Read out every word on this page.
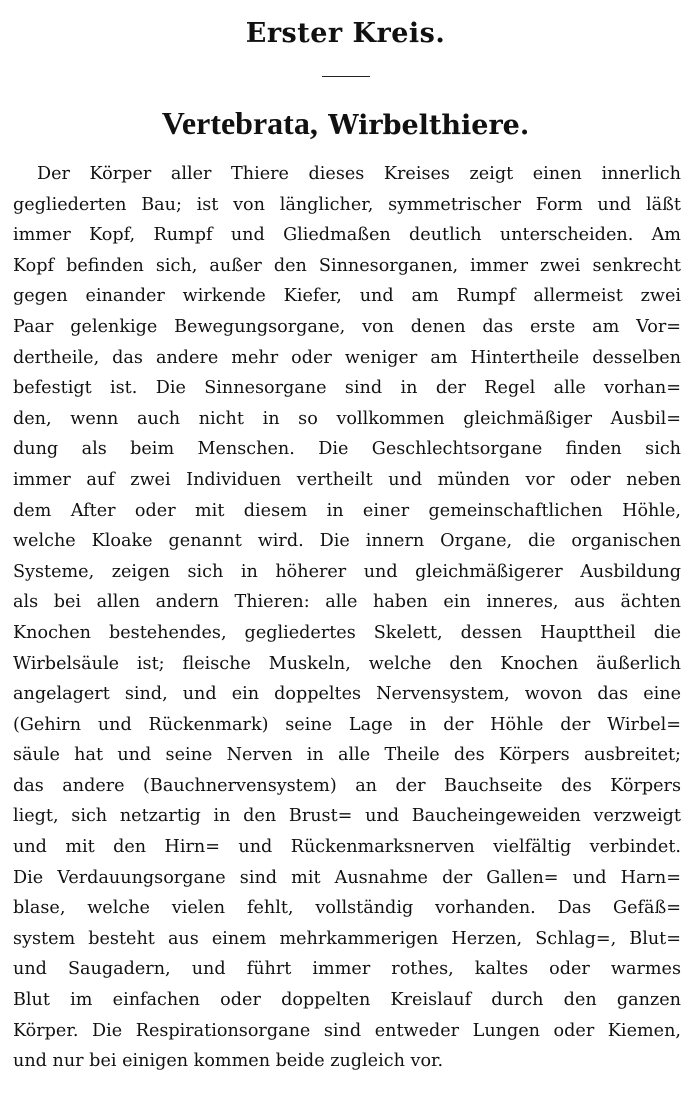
Erster Kreis.
Vertebrata, Wirbelthiere.
Der Körper aller Thiere dieses Kreises zeigt einen innerlich
gegliederten Bau; ist von länglicher, symmetrischer Form und läßt
immer Kopf, Rumpf und Gliedmaßen deutlich unterscheiden. Am
Kopf befinden sich, außer den Sinnesorganen, immer zwei senkrecht
gegen einander wirkende Kiefer, und am Rumpf allermeist zwei
Paar gelenkige Bewegungsorgane, von denen das erste am Vor=
dertheile, das andere mehr oder weniger am Hintertheile desselben
befestigt ist. Die Sinnesorgane sind in der Regel alle vorhan=
den, wenn auch nicht in so vollkommen gleichmäßiger Ausbil=
dung als beim Menschen. Die Geschlechtsorgane finden sich
immer auf zwei Individuen vertheilt und münden vor oder neben
dem After oder mit diesem in einer gemeinschaftlichen Höhle,
welche Kloake genannt wird. Die innern Organe, die organischen
Systeme, zeigen sich in höherer und gleichmäßigerer Ausbildung
als bei allen andern Thieren: alle haben ein inneres, aus ächten
Knochen bestehendes, gegliedertes Skelett, dessen Haupttheil die
Wirbelsäule ist; fleische Muskeln, welche den Knochen äußerlich
angelagert sind, und ein doppeltes Nervensystem, wovon das eine
(Gehirn und Rückenmark) seine Lage in der Höhle der Wirbel=
säule hat und seine Nerven in alle Theile des Körpers ausbreitet;
das andere (Bauchnervensystem) an der Bauchseite des Körpers
liegt, sich netzartig in den Brust= und Baucheingeweiden verzweigt
und mit den Hirn= und Rückenmarksnerven vielfältig verbindet.
Die Verdauungsorgane sind mit Ausnahme der Gallen= und Harn=
blase, welche vielen fehlt, vollständig vorhanden. Das Gefäß=
system besteht aus einem mehrkammerigen Herzen, Schlag=, Blut=
und Saugadern, und führt immer rothes, kaltes oder warmes
Blut im einfachen oder doppelten Kreislauf durch den ganzen
Körper. Die Respirationsorgane sind entweder Lungen oder Kiemen,
und nur bei einigen kommen beide zugleich vor.
